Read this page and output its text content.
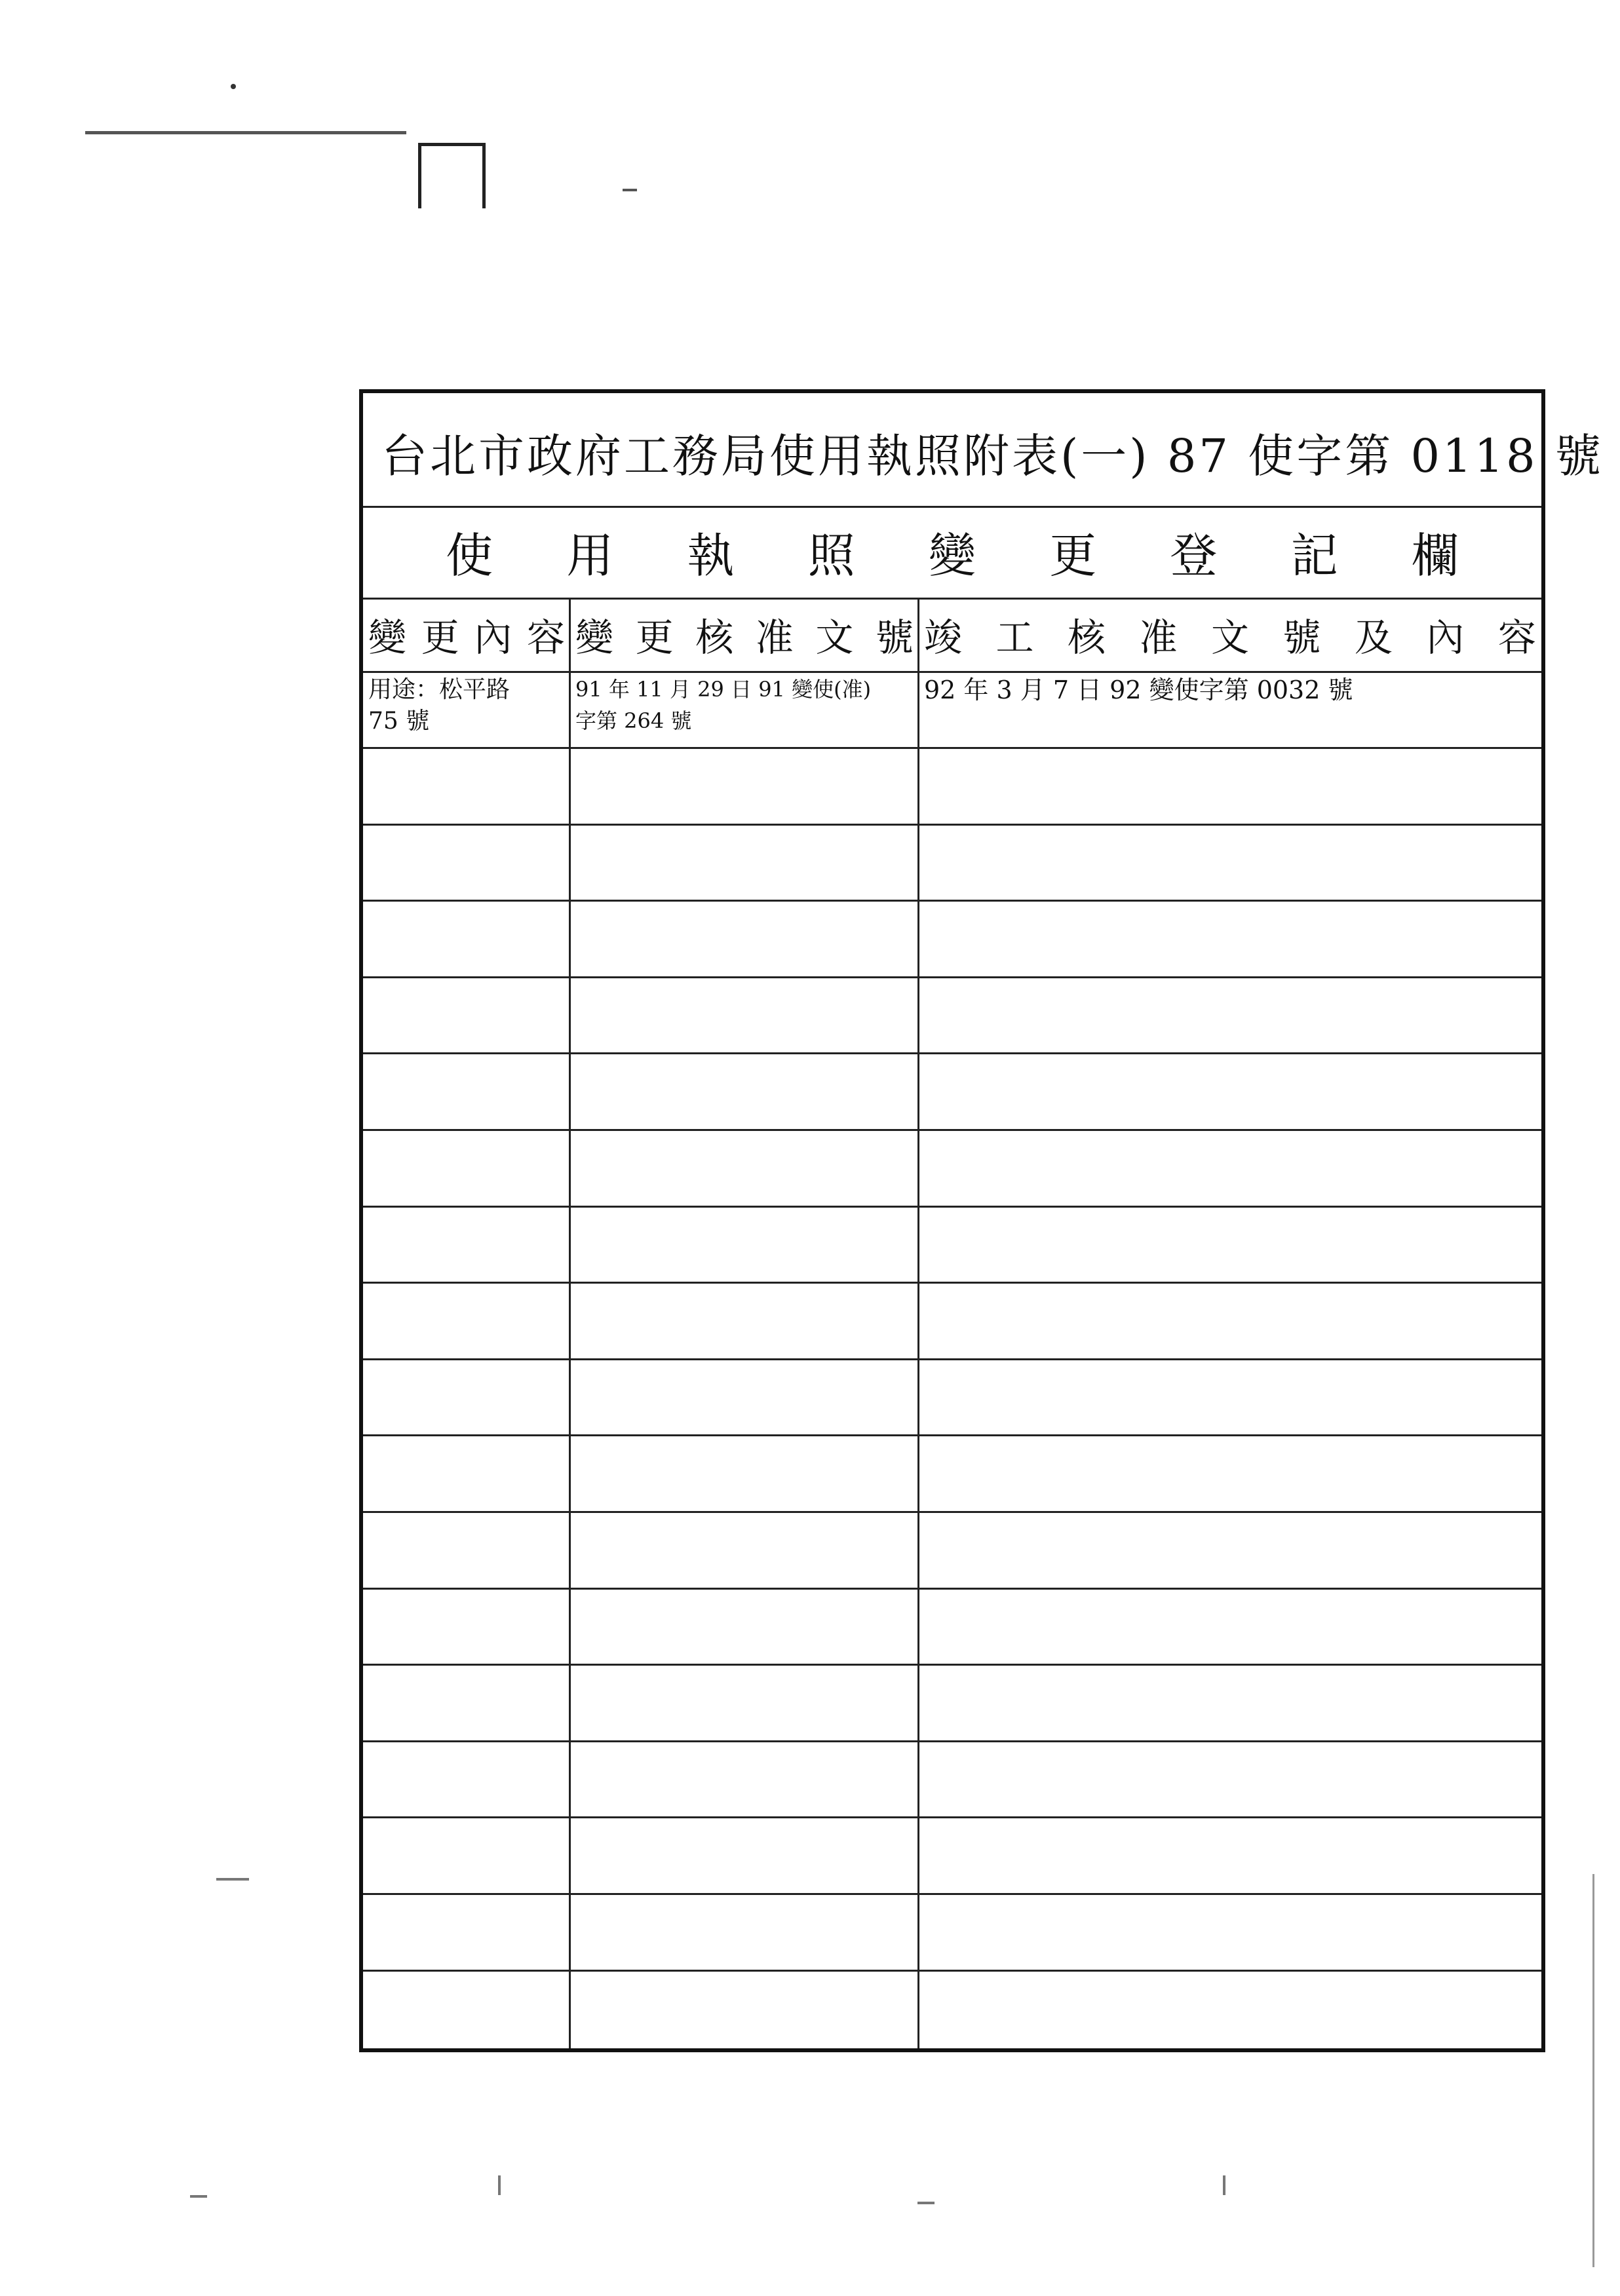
台北市政府工務局使用執照附表(一) 87 使字第 0118 號
使 用 執 照 變 更 登 記 欄
變 更 內 容 變 更 核 准 文 號 竣 工 核 准 文 號 及 內 容
用途：松平路
75 號
91 年 11 月 29 日 91 變使(准)
字第 264 號
92 年 3 月 7 日 92 變使字第 0032 號
